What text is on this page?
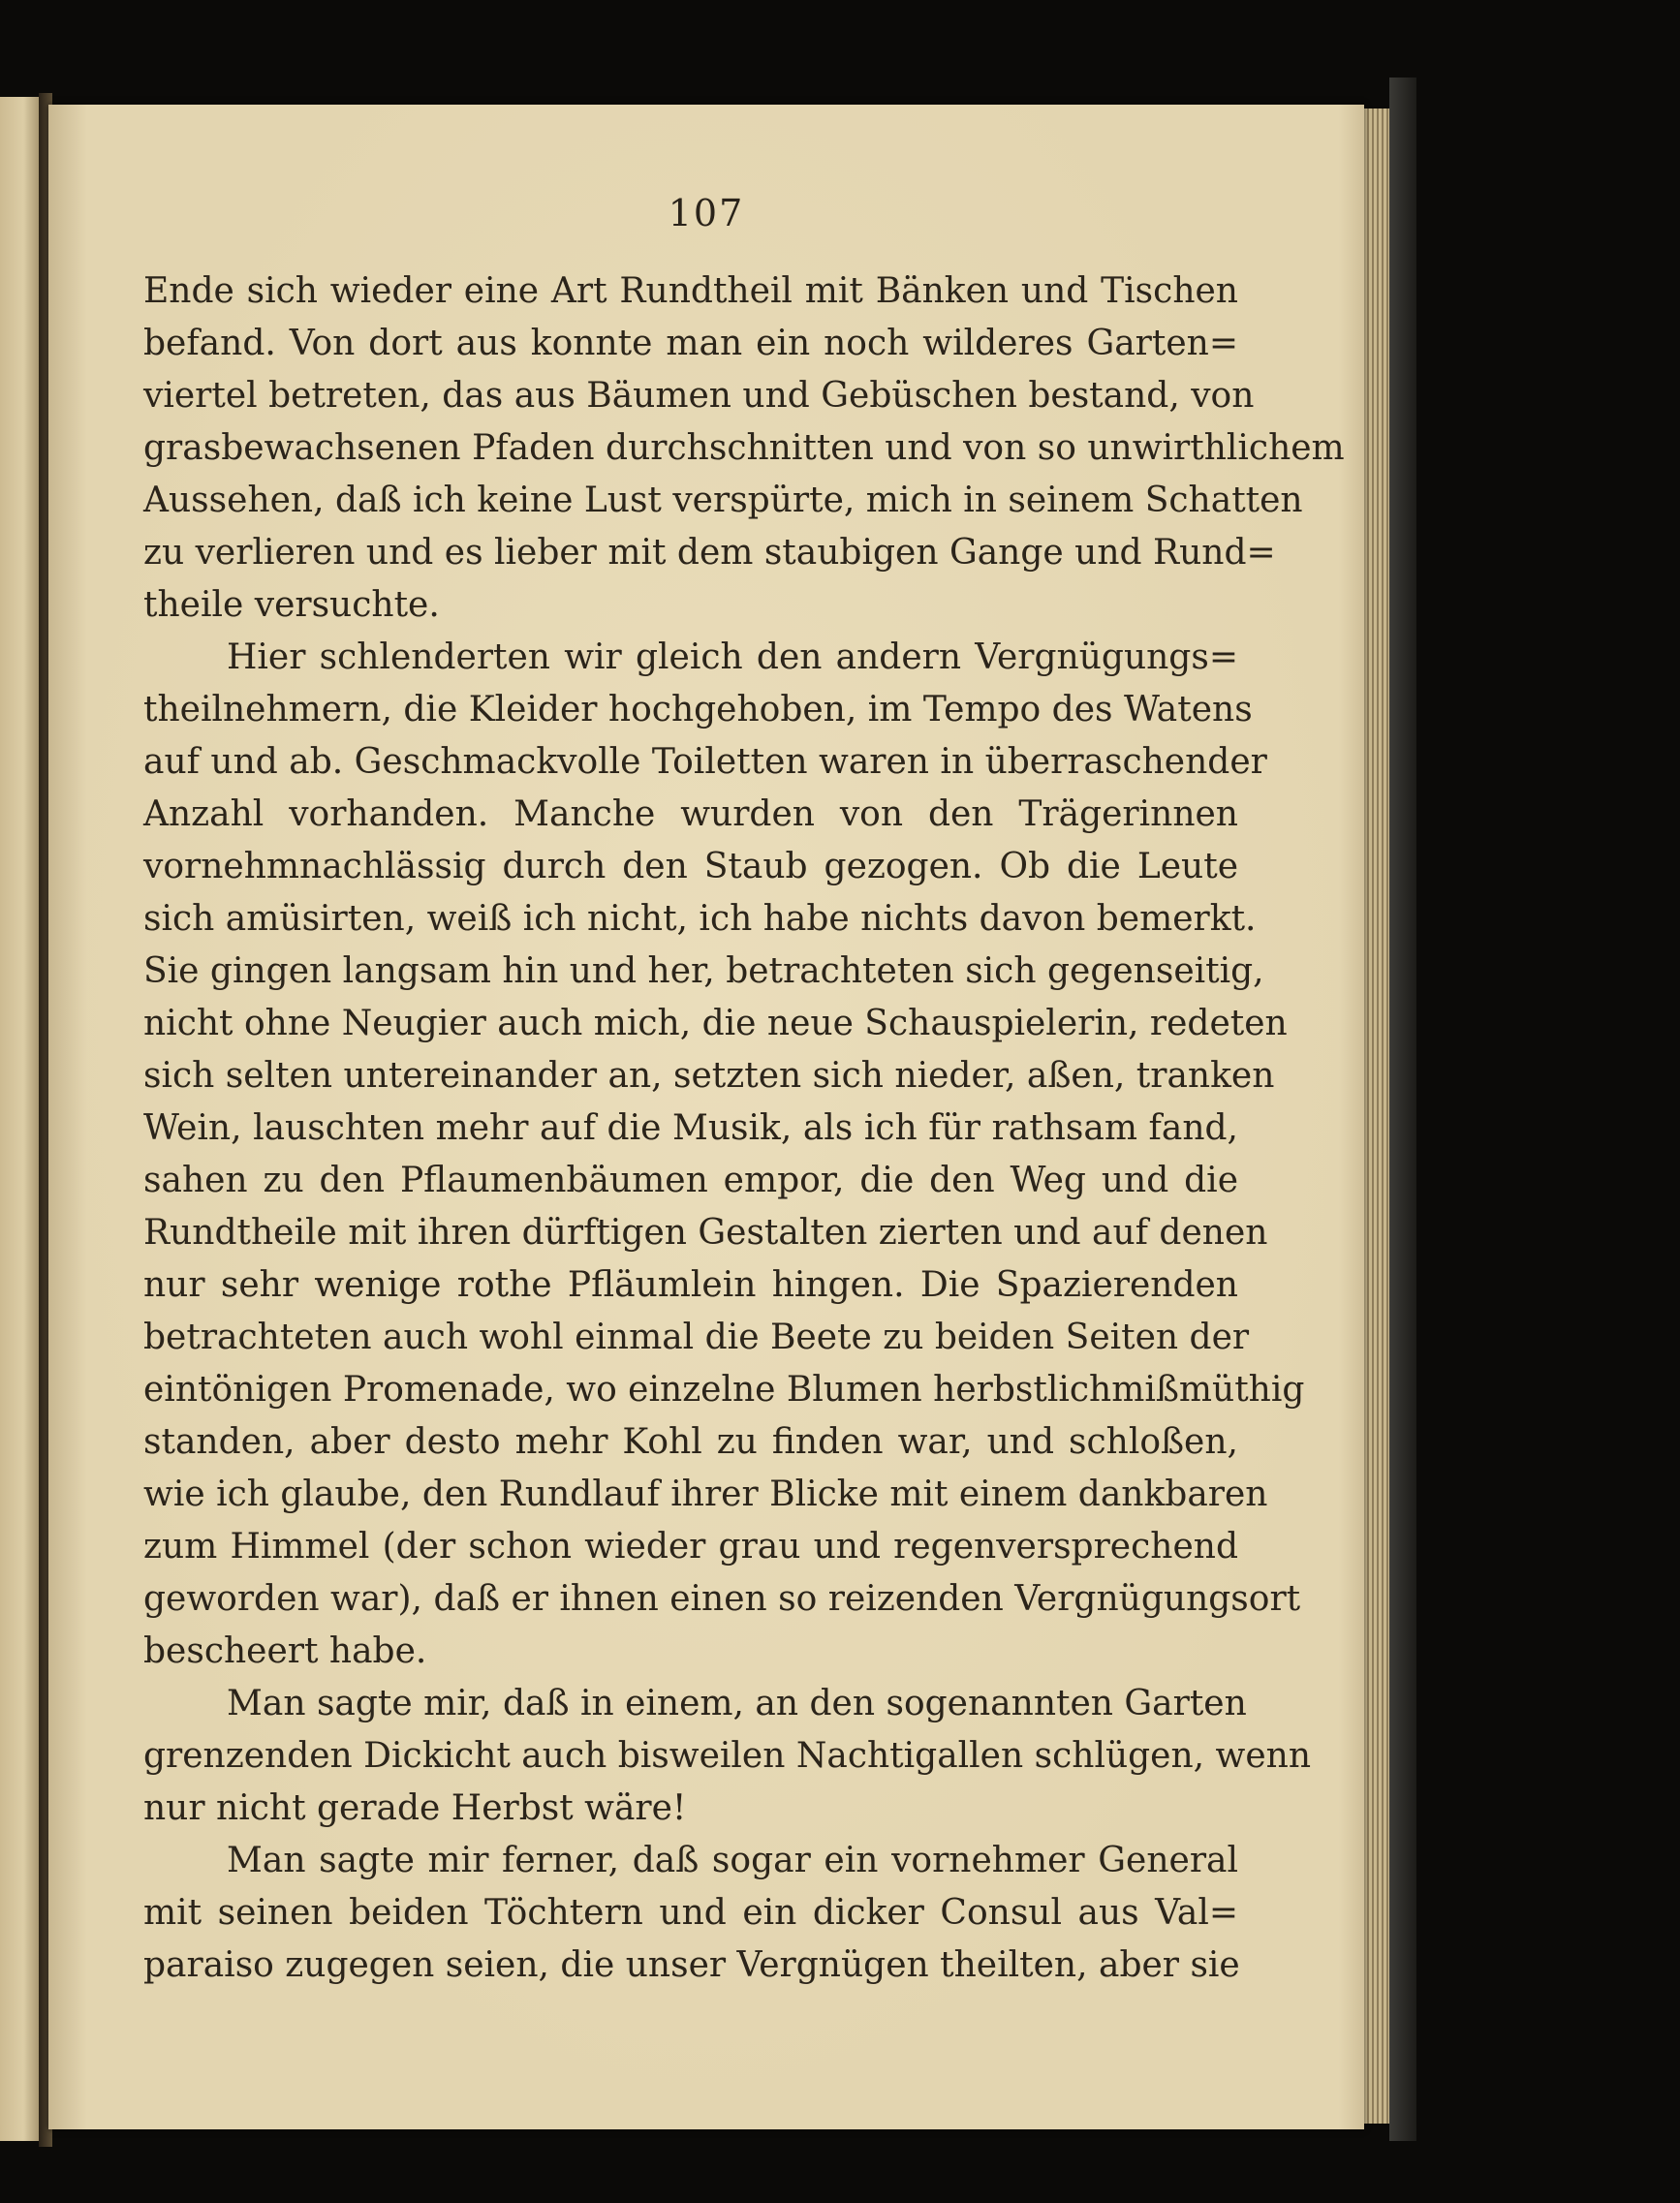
107
Ende sich wieder eine Art Rundtheil mit Bänken und Tischen
befand. Von dort aus konnte man ein noch wilderes Garten=
viertel betreten, das aus Bäumen und Gebüschen bestand, von
grasbewachsenen Pfaden durchschnitten und von so unwirthlichem
Aussehen, daß ich keine Lust verspürte, mich in seinem Schatten
zu verlieren und es lieber mit dem staubigen Gange und Rund=
theile versuchte.
Hier schlenderten wir gleich den andern Vergnügungs=
theilnehmern, die Kleider hochgehoben, im Tempo des Watens
auf und ab. Geschmackvolle Toiletten waren in überraschender
Anzahl vorhanden. Manche wurden von den Trägerinnen
vornehmnachlässig durch den Staub gezogen. Ob die Leute
sich amüsirten, weiß ich nicht, ich habe nichts davon bemerkt.
Sie gingen langsam hin und her, betrachteten sich gegenseitig,
nicht ohne Neugier auch mich, die neue Schauspielerin, redeten
sich selten untereinander an, setzten sich nieder, aßen, tranken
Wein, lauschten mehr auf die Musik, als ich für rathsam fand,
sahen zu den Pflaumenbäumen empor, die den Weg und die
Rundtheile mit ihren dürftigen Gestalten zierten und auf denen
nur sehr wenige rothe Pfläumlein hingen. Die Spazierenden
betrachteten auch wohl einmal die Beete zu beiden Seiten der
eintönigen Promenade, wo einzelne Blumen herbstlichmißmüthig
standen, aber desto mehr Kohl zu finden war, und schloßen,
wie ich glaube, den Rundlauf ihrer Blicke mit einem dankbaren
zum Himmel (der schon wieder grau und regenversprechend
geworden war), daß er ihnen einen so reizenden Vergnügungsort
bescheert habe.
Man sagte mir, daß in einem, an den sogenannten Garten
grenzenden Dickicht auch bisweilen Nachtigallen schlügen, wenn
nur nicht gerade Herbst wäre!
Man sagte mir ferner, daß sogar ein vornehmer General
mit seinen beiden Töchtern und ein dicker Consul aus Val=
paraiso zugegen seien, die unser Vergnügen theilten, aber sie
